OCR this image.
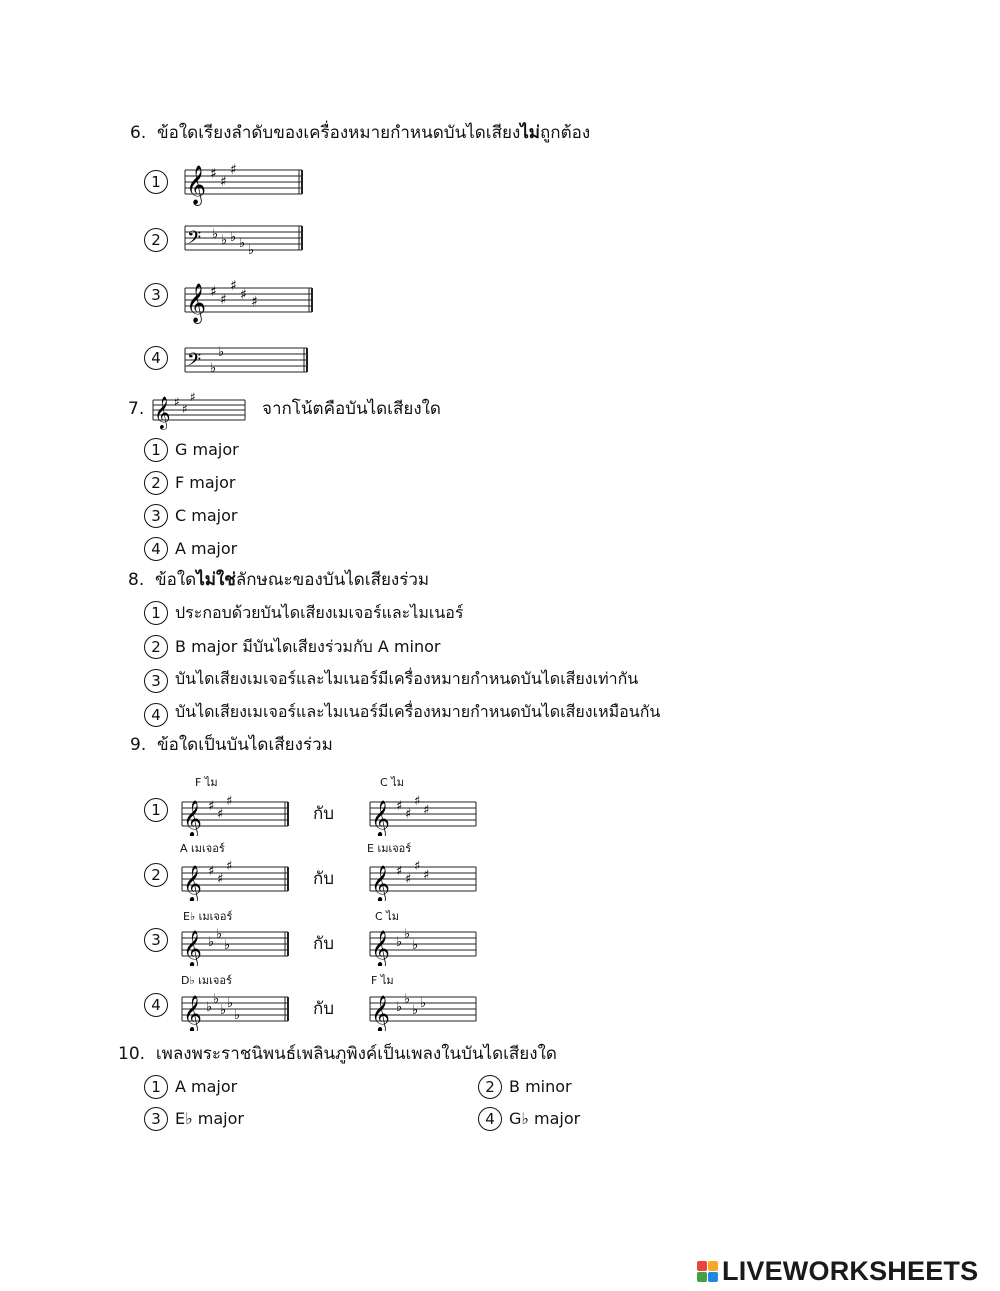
6. ข้อใดเรียงลำดับของเครื่องหมายกำหนดบันไดเสียงไม่ถูกต้อง
1 𝄞 ♯ ♯
♯
2 𝄢 ♭ ♭ ♭ ♭ ♭
3 𝄞 ♯ ♯
♯
♯ ♯
4 𝄢 ♭
♭
7. 𝄞 ♯ ♯
♯
จากโน้ตคือบันไดเสียงใด
1 G major
2 F major
3 C major
4 A major
8. ข้อใดไม่ใช่ลักษณะของบันไดเสียงร่วม
1 ประกอบด้วยบันไดเสียงเมเจอร์และไมเนอร์
2 B major มีบันไดเสียงร่วมกับ A minor
3 บันไดเสียงเมเจอร์และไมเนอร์มีเครื่องหมายกำหนดบันไดเสียงเท่ากัน
4 บันไดเสียงเมเจอร์และไมเนอร์มีเครื่องหมายกำหนดบันไดเสียงเหมือนกัน
9. ข้อใดเป็นบันไดเสียงร่วม
F ไม	C ไม
1 𝄞 ♯
♯
♯
กับ 𝄞 ♯
♯
♯
♯
A เมเจอร์	E เมเจอร์
2 𝄞 ♯
♯
♯
กับ 𝄞 ♯
♯
♯
♯
E♭ เมเจอร์	C ไม
3 𝄞 ♭
♭
♭	กับ 𝄞 ♭
♭
♭
D♭ เมเจอร์	F ไม
4 𝄞 ♭
♭
♭ ♭
♭	กับ 𝄞 ♭
♭
♭ ♭
10. เพลงพระราชนิพนธ์เพลินภูพิงค์เป็นเพลงในบันไดเสียงใด
1 A major	2 B minor
3 E♭ major	4 G♭ major
LIVEWORKSHEETS
